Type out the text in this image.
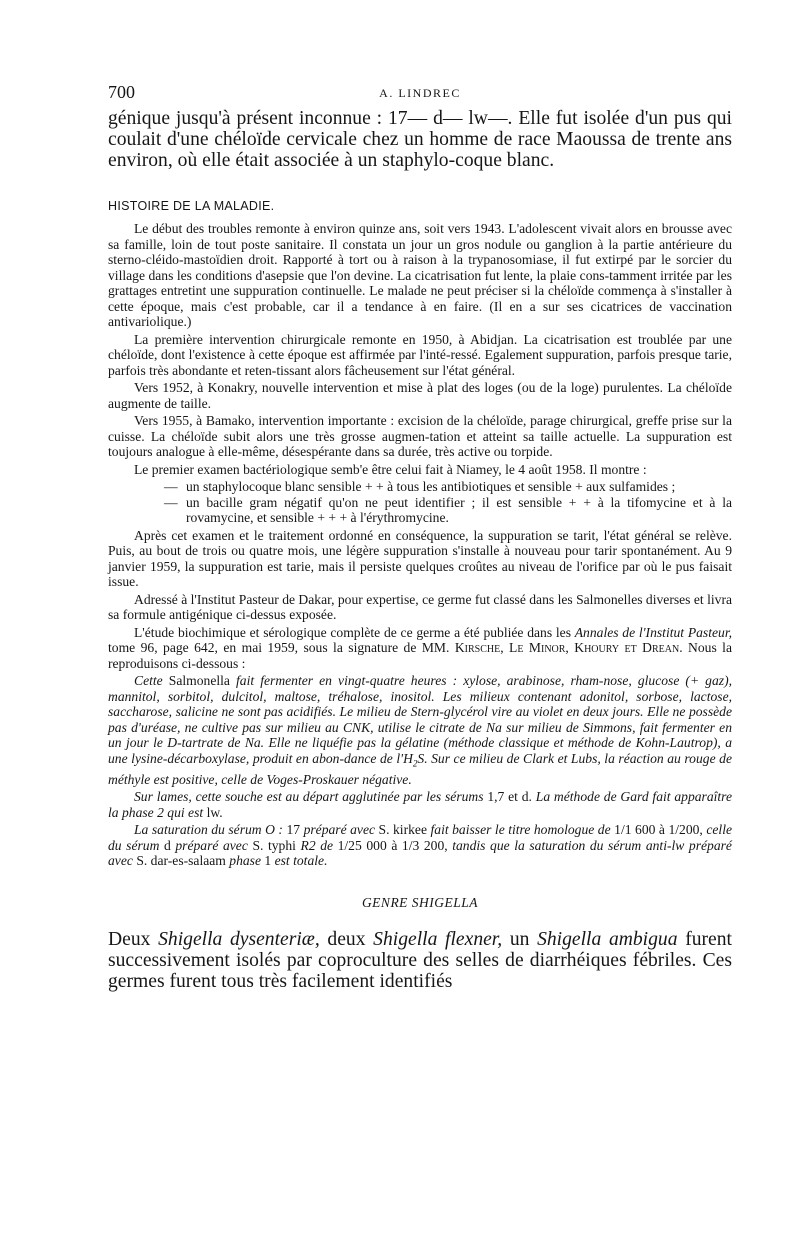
700	A. LINDREC

génique jusqu'à présent inconnue : 17— d— lw—. Elle fut isolée d'un pus qui coulait d'une chéloïde cervicale chez un homme de race Maoussa de trente ans environ, où elle était associée à un staphylo-coque blanc.

HISTOIRE DE LA MALADIE.

Le début des troubles remonte à environ quinze ans, soit vers 1943. L'adolescent vivait alors en brousse avec sa famille, loin de tout poste sanitaire. Il constata un jour un gros nodule ou ganglion à la partie antérieure du sterno-cléido-mastoïdien droit. Rapporté à tort ou à raison à la trypanosomiase, il fut extirpé par le sorcier du village dans les conditions d'asepsie que l'on devine. La cicatrisation fut lente, la plaie cons-tamment irritée par les grattages entretint une suppuration continuelle. Le malade ne peut préciser si la chéloïde commença à s'installer à cette époque, mais c'est probable, car il a tendance à en faire. (Il en a sur ses cicatrices de vaccination antivariolique.)

La première intervention chirurgicale remonte en 1950, à Abidjan. La cicatrisation est troublée par une chéloïde, dont l'existence à cette époque est affirmée par l'inté-ressé. Egalement suppuration, parfois presque tarie, parfois très abondante et reten-tissant alors fâcheusement sur l'état général.

Vers 1952, à Konakry, nouvelle intervention et mise à plat des loges (ou de la loge) purulentes. La chéloïde augmente de taille.

Vers 1955, à Bamako, intervention importante : excision de la chéloïde, parage chirurgical, greffe prise sur la cuisse. La chéloïde subit alors une très grosse augmen-tation et atteint sa taille actuelle. La suppuration est toujours analogue à elle-même, désespérante dans sa durée, très active ou torpide.

Le premier examen bactériologique semb'e être celui fait à Niamey, le 4 août 1958. Il montre :

— un staphylocoque blanc sensible + + à tous les antibiotiques et sensible + aux sulfamides ;
— un bacille gram négatif qu'on ne peut identifier ; il est sensible + + à la tifomycine et à la rovamycine, et sensible + + + à l'érythromycine.

Après cet examen et le traitement ordonné en conséquence, la suppuration se tarit, l'état général se relève. Puis, au bout de trois ou quatre mois, une légère suppuration s'installe à nouveau pour tarir spontanément. Au 9 janvier 1959, la suppuration est tarie, mais il persiste quelques croûtes au niveau de l'orifice par où le pus faisait issue.

Adressé à l'Institut Pasteur de Dakar, pour expertise, ce germe fut classé dans les Salmonelles diverses et livra sa formule antigénique ci-dessus exposée.

L'étude biochimique et sérologique complète de ce germe a été publiée dans les Annales de l'Institut Pasteur, tome 96, page 642, en mai 1959, sous la signature de MM. Kirsche, Le Minor, Khoury et Drean. Nous la reproduisons ci-dessous :

Cette Salmonella fait fermenter en vingt-quatre heures : xylose, arabinose, rham-nose, glucose (+ gaz), mannitol, sorbitol, dulcitol, maltose, tréhalose, inositol. Les milieux contenant adonitol, sorbose, lactose, saccharose, salicine ne sont pas acidifiés. Le milieu de Stern-glycérol vire au violet en deux jours. Elle ne possède pas d'uréase, ne cultive pas sur milieu au CNK, utilise le citrate de Na sur milieu de Simmons, fait fermenter en un jour le D-tartrate de Na. Elle ne liquéfie pas la gélatine (méthode classique et méthode de Kohn-Lautrop), a une lysine-décarboxylase, produit en abon-dance de $l'H_2S$. Sur ce milieu de Clark et Lubs, la réaction au rouge de méthyle est positive, celle de Voges-Proskauer négative.

Sur lames, cette souche est au départ agglutinée par les sérums 1,7 et d. La méthode de Gard fait apparaître la phase 2 qui est lw.

La saturation du sérum O : 17 préparé avec S. kirkee fait baisser le titre homologue de 1/1 600 à 1/200, celle du sérum d préparé avec S. typhi R2 de 1/25 000 à 1/3 200, tandis que la saturation du sérum anti-lw préparé avec S. dar-es-salaam phase 1 est totale.

GENRE SHIGELLA

Deux Shigella dysenteriæ, deux Shigella flexner, un Shigella ambigua furent successivement isolés par coproculture des selles de diarrhéiques fébriles. Ces germes furent tous très facilement identifiés
